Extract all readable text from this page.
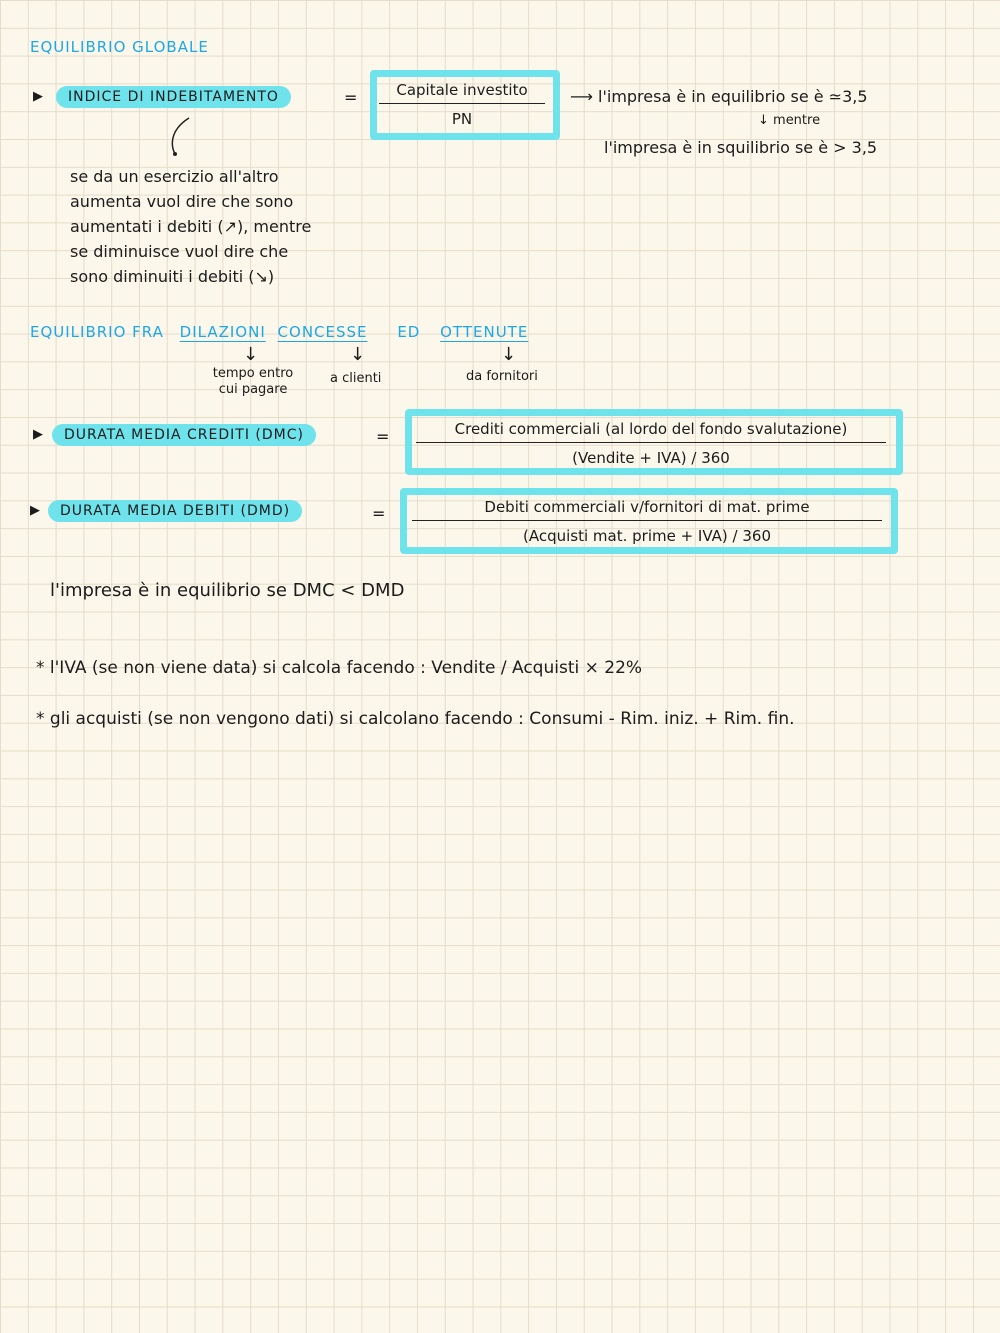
EQUILIBRIO GLOBALE
▶	INDICE DI INDEBITAMENTO	=	Capitale investito
PN
⟶ l'impresa è in equilibrio se è ≃3,5
↓ mentre
l'impresa è in squilibrio se è > 3,5
se da un esercizio all'altro
aumenta vuol dire che sono
aumentati i debiti (↗), mentre
se diminuisce vuol dire che
sono diminuiti i debiti (↘)
EQUILIBRIO FRA DILAZIONI CONCESSE ED OTTENUTE
↓	↓	↓
tempo entro cui pagare
a clienti	da fornitori
▶	DURATA MEDIA CREDITI (DMC)	=	Crediti commerciali (al lordo del fondo svalutazione)
(Vendite + IVA) / 360
▶	DURATA MEDIA DEBITI (DMD)	=	Debiti commerciali v/fornitori di mat. prime
(Acquisti mat. prime + IVA) / 360
l'impresa è in equilibrio se DMC < DMD
* l'IVA (se non viene data) si calcola facendo : Vendite / Acquisti × 22%
* gli acquisti (se non vengono dati) si calcolano facendo : Consumi - Rim. iniz. + Rim. fin.
